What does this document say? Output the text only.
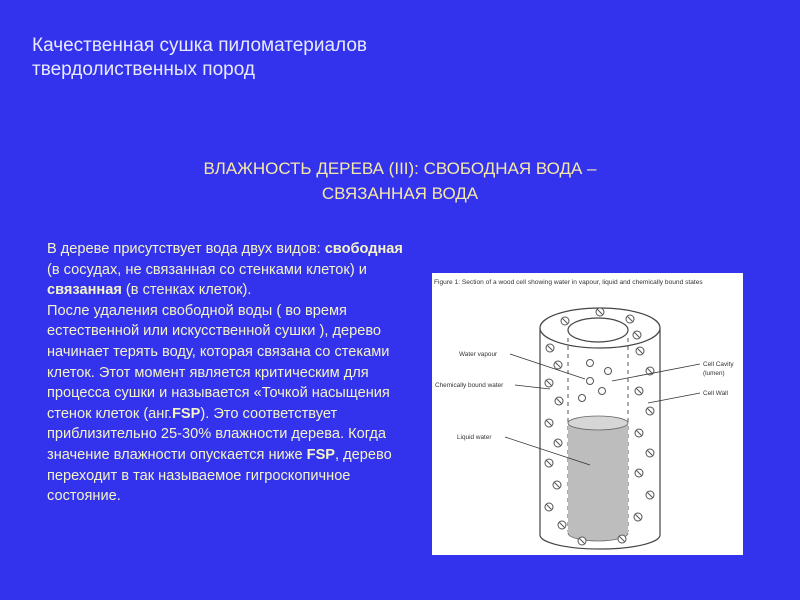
Качественная сушка пиломатериалов
твердолиственных пород
ВЛАЖНОСТЬ ДЕРЕВА (III): СВОБОДНАЯ ВОДА –
СВЯЗАННАЯ ВОДА

В дереве присутствует вода двух видов: свободная (в сосудах, не связанная со стенками клеток) и связанная (в стенках клеток).

После удаления свободной воды ( во время естественной или искусственной сушки ), дерево начинает терять воду, которая связана со стеками клеток. Этот момент является критическим для процесса сушки и называется «Точкой насыщения стенок клеток (анг.FSP). Это соответствует приблизительно 25-30% влажности дерева. Когда значение влажности опускается ниже FSP, дерево переходит в так называемое гигроскопичное состояние.

Figure 1: Section of a wood cell showing water in vapour, liquid and chemically bound states
Water vapour
Chemically bound water
Liquid water
Cell Cavity
(lumen)
Cell Wall
